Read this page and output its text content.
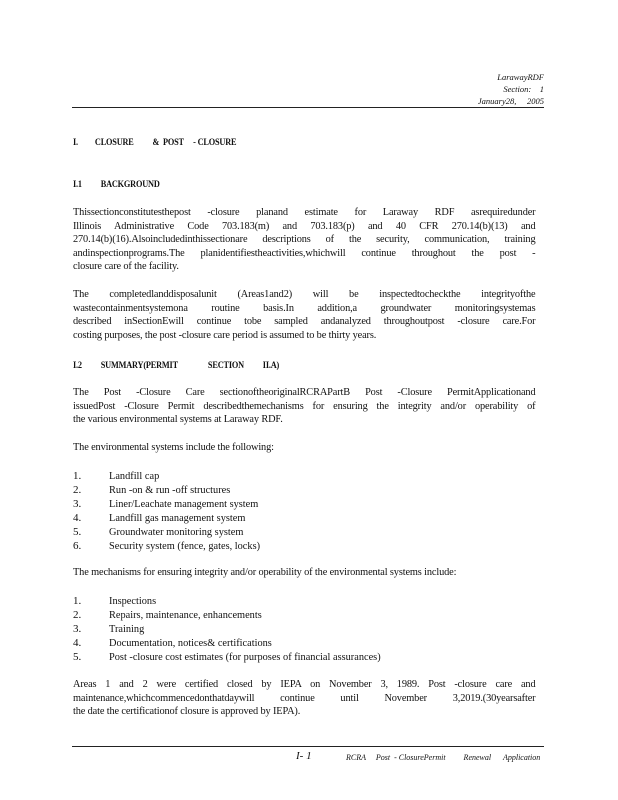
LarawayRDF
Section:    1
January28,     2005
I.         CLOSURE          &  POST     - CLOSURE
I.1          BACKGROUND
Thissectionconstitutesthepost -closure planand estimate for Laraway RDF asrequiredunder
Illinois Administrative Code 703.183(m) and 703.183(p) and 40 CFR 270.14(b)(13) and
270.14(b)(16).Alsoincludedinthissectionare descriptions of the security, communication, training
andinspectionprograms.The planidentifiestheactivities,whichwill continue throughout the post -
closure care of the facility.
The completedlanddisposalunit (Areas1and2) will be inspectedtocheckthe integrityofthe
wastecontainmentsystemona routine basis.In addition,a groundwater monitoringsystemas
described inSectionEwill continue tobe sampled andanalyzed throughoutpost -closure care.For
costing purposes, the post -closure care period is assumed to be thirty years.
I.2          SUMMARY(PERMIT                SECTION          II.A)
The Post -Closure Care sectionoftheoriginalRCRAPartB Post -Closure PermitApplicationand
issuedPost -Closure Permit describedthemechanisms for ensuring the integrity and/or operability of
the various environmental systems at Laraway RDF.
The environmental systems include the following:
1.	Landfill cap
2.	Run -on & run -off structures
3.	Liner/Leachate management system
4.	Landfill gas management system
5.	Groundwater monitoring system
6.	Security system (fence, gates, locks)
The mechanisms for ensuring integrity and/or operability of the environmental systems include:
1.	Inspections
2.	Repairs, maintenance, enhancements
3.	Training
4.	Documentation, notices& certifications
5.	Post -closure cost estimates (for purposes of financial assurances)
Areas 1 and 2 were certified closed by IEPA on November 3, 1989. Post -closure care and
maintenance,whichcommencedonthatdaywill continue until November 3,2019.(30yearsafter
the date the certificationof closure is approved by IEPA).
I- 1	RCRA     Post  - ClosurePermit         Renewal      Application
